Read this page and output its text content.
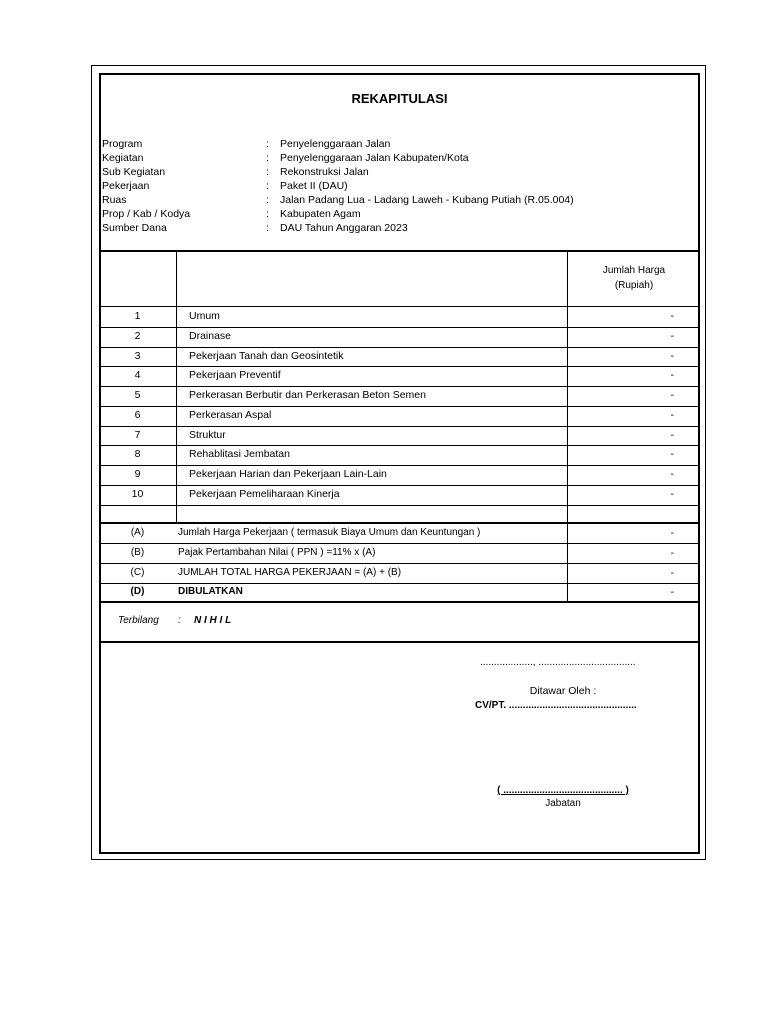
REKAPITULASI
Program	: Penyelenggaraan Jalan
Kegiatan	: Penyelenggaraan Jalan Kabupaten/Kota
Sub Kegiatan	: Rekonstruksi Jalan
Pekerjaan	: Paket II (DAU)
Ruas	: Jalan Padang Lua - Ladang Laweh - Kubang Putiah (R.05.004)
Prop / Kab / Kodya	: Kabupaten Agam
Sumber Dana	: DAU Tahun Anggaran 2023
Jumlah Harga
(Rupiah)
1	Umum	-
2	Drainase	-
3	Pekerjaan Tanah dan Geosintetik	-
4	Pekerjaan Preventif	-
5	Perkerasan Berbutir dan Perkerasan Beton Semen	-
6	Perkerasan Aspal	-
7	Struktur	-
8	Rehablitasi Jembatan	-
9	Pekerjaan Harian dan Pekerjaan Lain-Lain	-
10	Pekerjaan Pemeliharaan Kinerja	-
(A)	Jumlah Harga Pekerjaan ( termasuk Biaya Umum dan Keuntungan )	-
(B)	Pajak Pertambahan Nilai ( PPN ) =11% x (A)	-
(C)	JUMLAH TOTAL HARGA PEKERJAAN = (A) + (B)	-
(D)	DIBULATKAN	-
Terbilang : N I H I L
..................., ...................................
Ditawar Oleh :
CV/PT. ..............................................
( ........................................... )
Jabatan
